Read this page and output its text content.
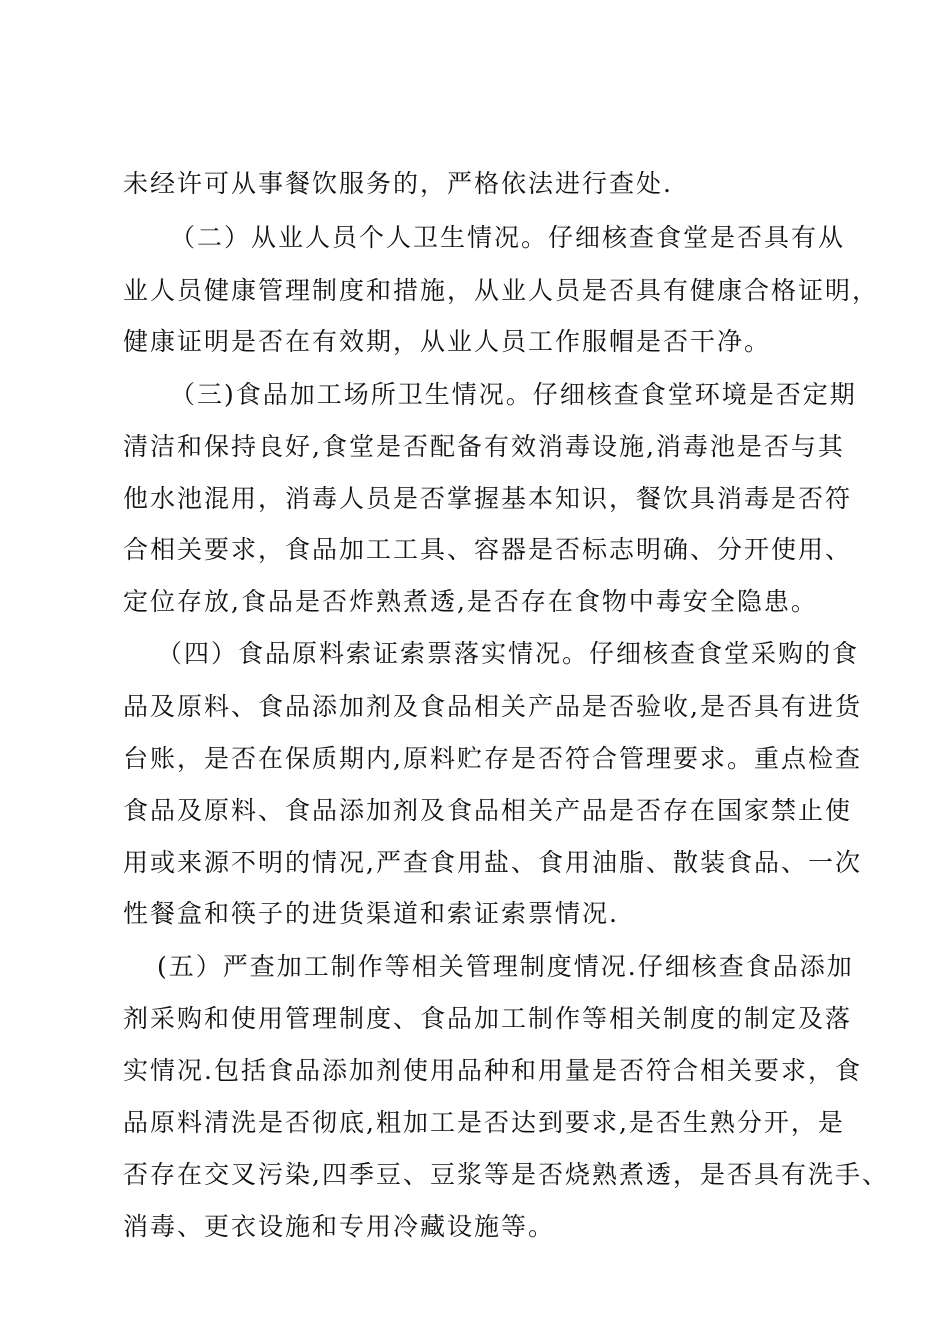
未经许可从事餐饮服务的，严格依法进行查处.
（二）从业人员个人卫生情况。仔细核查食堂是否具有从
业人员健康管理制度和措施，从业人员是否具有健康合格证明，
健康证明是否在有效期，从业人员工作服帽是否干净。
（三)食品加工场所卫生情况。仔细核查食堂环境是否定期
清洁和保持良好,食堂是否配备有效消毒设施,消毒池是否与其
他水池混用，消毒人员是否掌握基本知识，餐饮具消毒是否符
合相关要求，食品加工工具、容器是否标志明确、分开使用、
定位存放,食品是否炸熟煮透,是否存在食物中毒安全隐患。
（四）食品原料索证索票落实情况。仔细核查食堂采购的食
品及原料、食品添加剂及食品相关产品是否验收,是否具有进货
台账，是否在保质期内,原料贮存是否符合管理要求。重点检查
食品及原料、食品添加剂及食品相关产品是否存在国家禁止使
用或来源不明的情况,严查食用盐、食用油脂、散装食品、一次
性餐盒和筷子的进货渠道和索证索票情况.
(五）严查加工制作等相关管理制度情况.仔细核查食品添加
剂采购和使用管理制度、食品加工制作等相关制度的制定及落
实情况.包括食品添加剂使用品种和用量是否符合相关要求，食
品原料清洗是否彻底,粗加工是否达到要求,是否生熟分开，是
否存在交叉污染,四季豆、豆浆等是否烧熟煮透，是否具有洗手、
消毒、更衣设施和专用冷藏设施等。
